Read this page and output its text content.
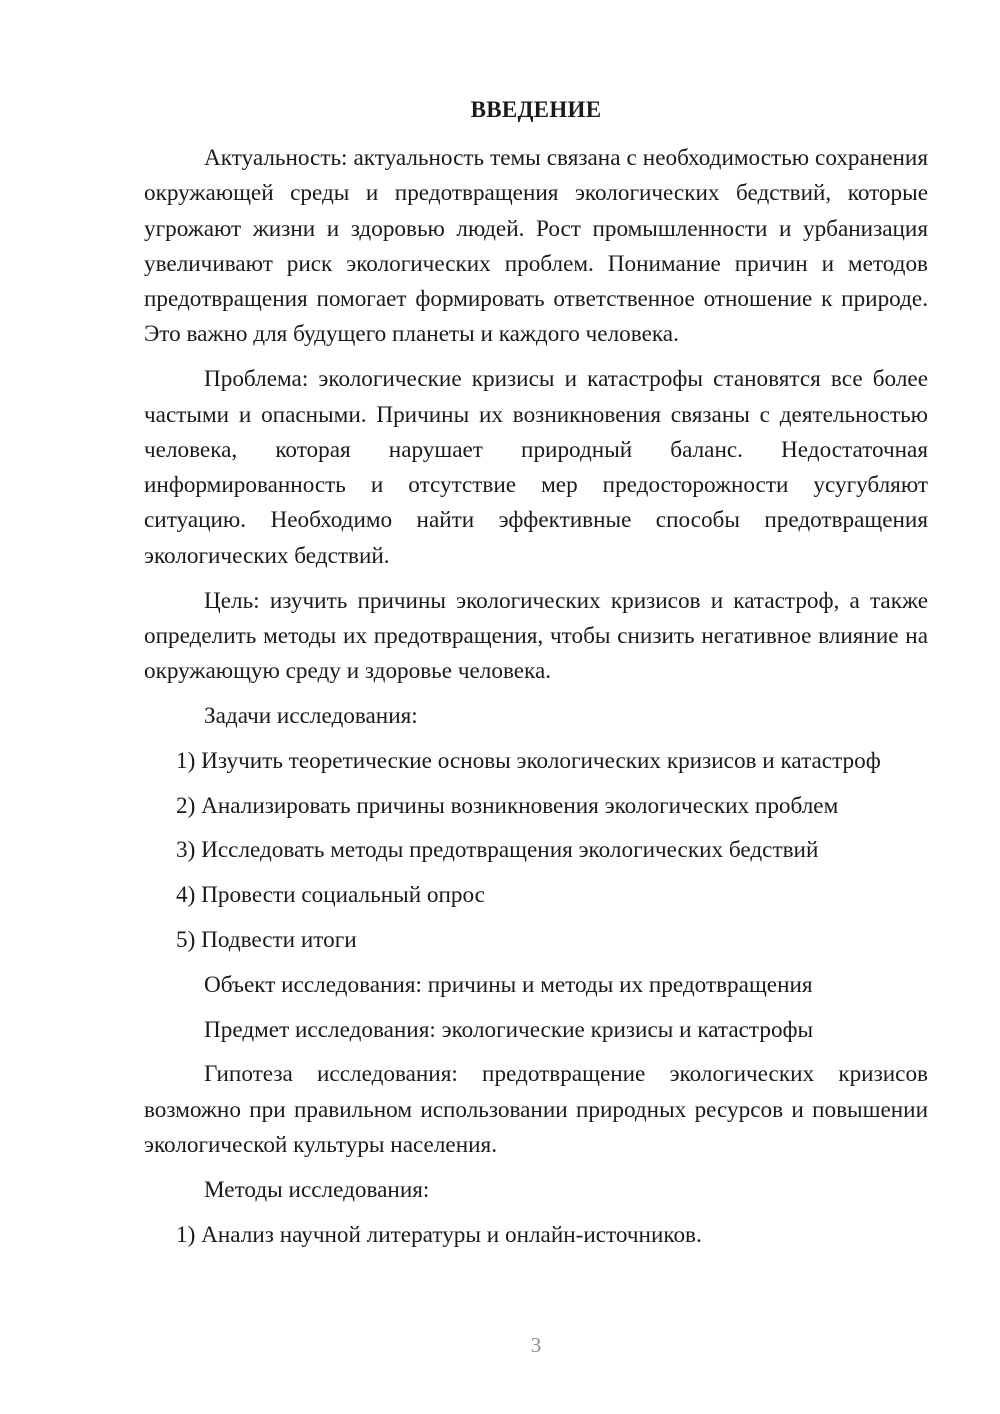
ВВЕДЕНИЕ

Актуальность: актуальность темы связана с необходимостью сохранения окружающей среды и предотвращения экологических бедствий, которые угрожают жизни и здоровью людей. Рост промышленности и урбанизация увеличивают риск экологических проблем. Понимание причин и методов предотвращения помогает формировать ответственное отношение к природе. Это важно для будущего планеты и каждого человека.

Проблема: экологические кризисы и катастрофы становятся все более частыми и опасными. Причины их возникновения связаны с деятельностью человека, которая нарушает природный баланс. Недостаточная информированность и отсутствие мер предосторожности усугубляют ситуацию. Необходимо найти эффективные способы предотвращения экологических бедствий.

Цель: изучить причины экологических кризисов и катастроф, а также определить методы их предотвращения, чтобы снизить негативное влияние на окружающую среду и здоровье человека.

Задачи исследования:

1) Изучить теоретические основы экологических кризисов и катастроф

2) Анализировать причины возникновения экологических проблем

3) Исследовать методы предотвращения экологических бедствий

4) Провести социальный опрос

5) Подвести итоги

Объект исследования: причины и методы их предотвращения

Предмет исследования: экологические кризисы и катастрофы

Гипотеза исследования: предотвращение экологических кризисов возможно при правильном использовании природных ресурсов и повышении экологической культуры населения.

Методы исследования:

1) Анализ научной литературы и онлайн-источников.

3
